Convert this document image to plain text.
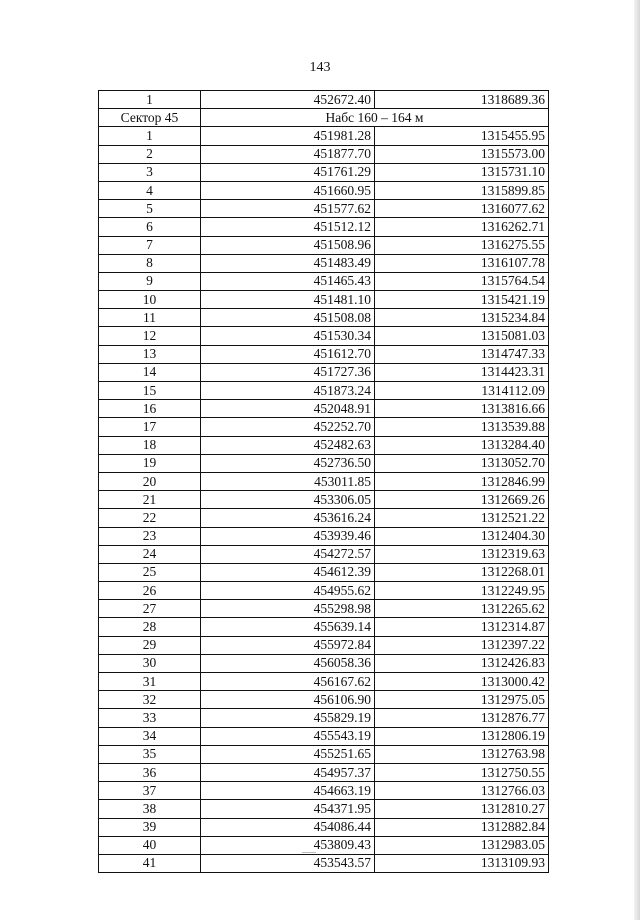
143
1	452672.40	1318689.36
Сектор 45	Набс 160 – 164 м	
1	451981.28	1315455.95
2	451877.70	1315573.00
3	451761.29	1315731.10
4	451660.95	1315899.85
5	451577.62	1316077.62
6	451512.12	1316262.71
7	451508.96	1316275.55
8	451483.49	1316107.78
9	451465.43	1315764.54
10	451481.10	1315421.19
11	451508.08	1315234.84
12	451530.34	1315081.03
13	451612.70	1314747.33
14	451727.36	1314423.31
15	451873.24	1314112.09
16	452048.91	1313816.66
17	452252.70	1313539.88
18	452482.63	1313284.40
19	452736.50	1313052.70
20	453011.85	1312846.99
21	453306.05	1312669.26
22	453616.24	1312521.22
23	453939.46	1312404.30
24	454272.57	1312319.63
25	454612.39	1312268.01
26	454955.62	1312249.95
27	455298.98	1312265.62
28	455639.14	1312314.87
29	455972.84	1312397.22
30	456058.36	1312426.83
31	456167.62	1313000.42
32	456106.90	1312975.05
33	455829.19	1312876.77
34	455543.19	1312806.19
35	455251.65	1312763.98
36	454957.37	1312750.55
37	454663.19	1312766.03
38	454371.95	1312810.27
39	454086.44	1312882.84
40	453809.43	1312983.05
41	453543.57	1313109.93
